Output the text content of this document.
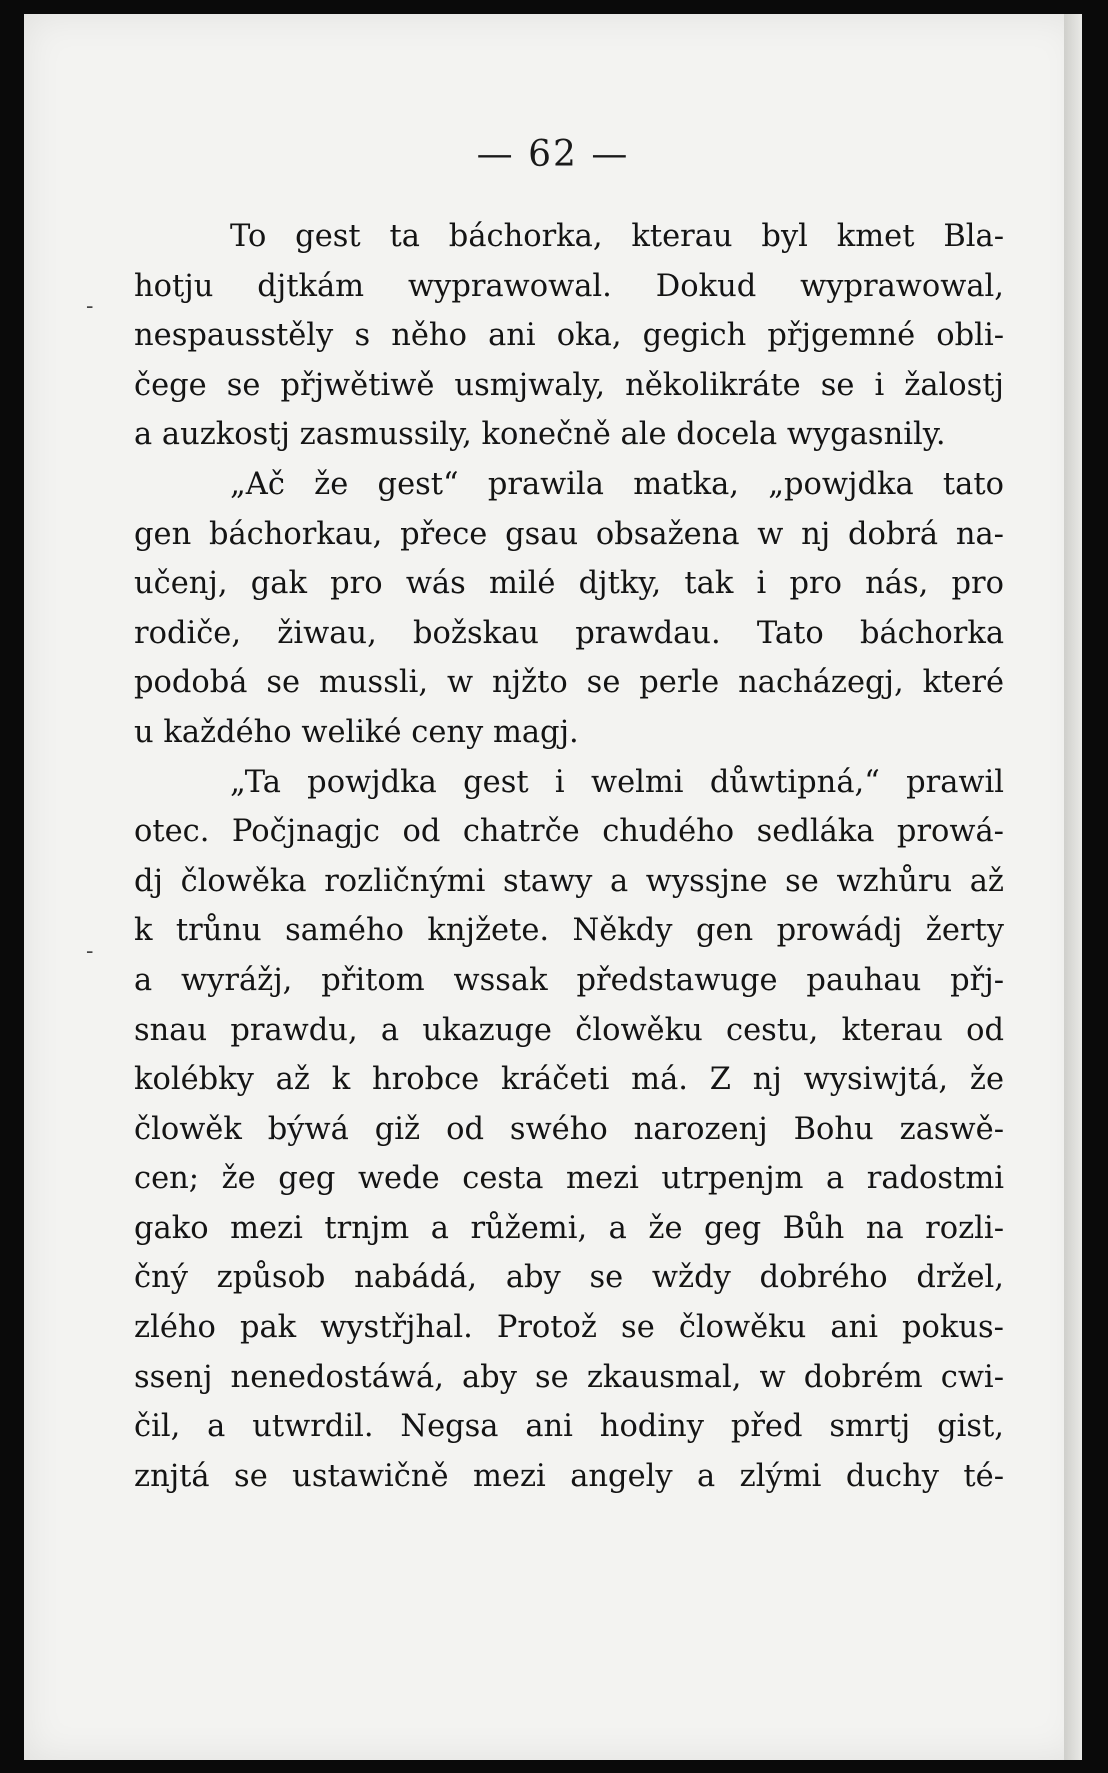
— 62 —
To gest ta báchorka, kterau byl kmet Bla-
hotju djtkám wyprawowal. Dokud wyprawowal,
nespausstěly s něho ani oka, gegich přjgemné obli-
čege se přjwětiwě usmjwaly, několikráte se i žalostj
a auzkostj zasmussily, konečně ale docela wygasnily.
„Ač že gest“ prawila matka, „powjdka tato
gen báchorkau, přece gsau obsaženа w nj dobrá na-
učenj, gak pro wás milé djtky, tak i pro nás, pro
rodiče, žiwau, božskau prawdau. Tato báchorka
podobá se mussli, w njžto se perle nacházegj, které
u každého weliké ceny magj.
„Ta powjdka gest i welmi důwtipná,“ prawil
otec. Počjnagjc od chatrče chudého sedláka prowá-
dj člowěka rozličnými stawy a wyssjne se wzhůru až
k trůnu samého knjžete. Někdy gen prowádj žerty
a wyrážj, přitom wssak předstawuge pauhau přj-
snau prawdu, a ukazuge člowěku cestu, kterau od
kolébky až k hrobce kráčeti má. Z nj wysiwjtá, že
člowěk býwá giž od swého narozenj Bohu zaswě-
cen; že geg wede cesta mezi utrpenjm a radostmi
gako mezi trnjm a růžemi, a že geg Bůh na rozli-
čný způsob nabádá, aby se wždy dobrého držel,
zlého pak wystřjhal. Protož se člowěku ani pokus-
ssenj nenedostáwá, aby se zkausmal, w dobrém cwi-
čil, a utwrdil. Negsa ani hodiny před smrtj gist,
znjtá se ustawičně mezi angely a zlými duchy té-
-
-
